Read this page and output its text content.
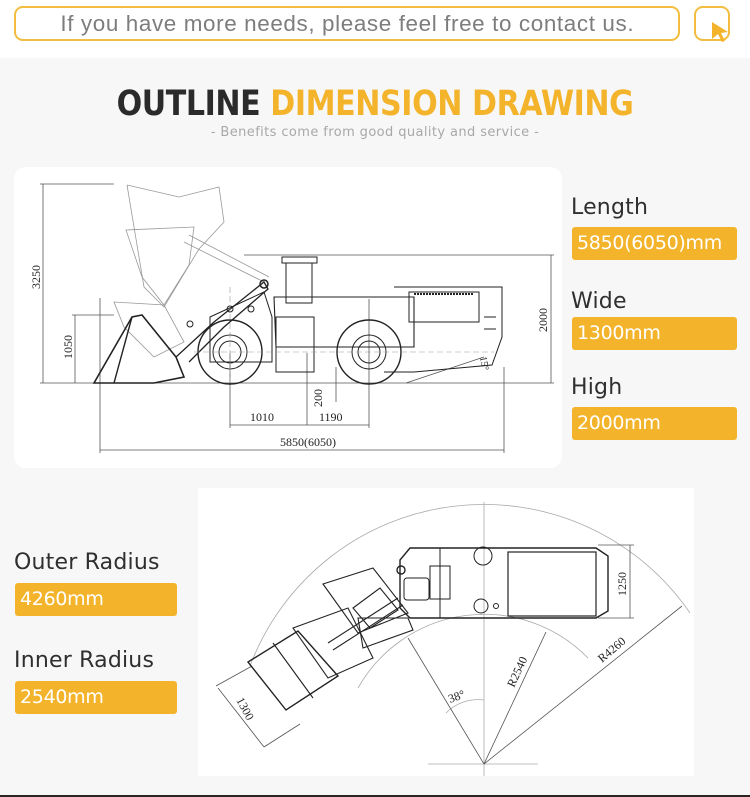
If you have more needs, please feel free to contact us.
OUTLINE DIMENSION DRAWING
- Benefits come from good quality and service -
3250
1050
1010	1190
200
5850(6050)
2000
15°
Length
5850(6050)mm
Wide
1300mm
High
2000mm
1250
1300
R4260
R2540
38°
Outer Radius
4260mm
Inner Radius
2540mm
